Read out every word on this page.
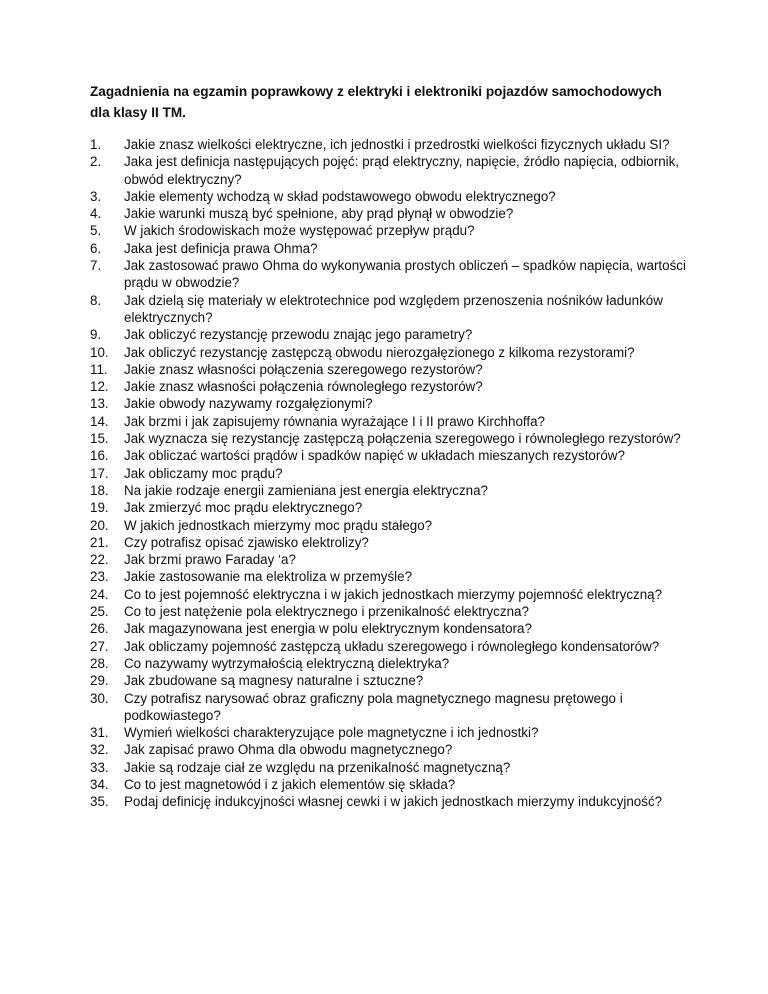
Zagadnienia na egzamin poprawkowy z elektryki i elektroniki pojazdów samochodowych
dla klasy II TM.
1.	Jakie znasz wielkości elektryczne, ich jednostki i przedrostki wielkości fizycznych układu SI?
2.	Jaka jest definicja następujących pojęć: prąd elektryczny, napięcie, źródło napięcia, odbiornik, obwód elektryczny?
3.	Jakie elementy wchodzą w skład podstawowego obwodu elektrycznego?
4.	Jakie warunki muszą być spełnione, aby prąd płynął w obwodzie?
5.	W jakich środowiskach może występować przepływ prądu?
6.	Jaka jest definicja prawa Ohma?
7.	Jak zastosować prawo Ohma do wykonywania prostych obliczeń – spadków napięcia, wartości prądu w obwodzie?
8.	Jak dzielą się materiały w elektrotechnice pod względem przenoszenia nośników ładunków elektrycznych?
9.	Jak obliczyć rezystancję przewodu znając jego parametry?
10.	Jak obliczyć rezystancję zastępczą obwodu nierozgałęzionego z kilkoma rezystorami?
11.	Jakie znasz własności połączenia szeregowego rezystorów?
12.	Jakie znasz własności połączenia równoległego rezystorów?
13.	Jakie obwody nazywamy rozgałęzionymi?
14.	Jak brzmi i jak zapisujemy równania wyrażające I i II prawo Kirchhoffa?
15.	Jak wyznacza się rezystancję zastępczą połączenia szeregowego i równoległego rezystorów?
16.	Jak obliczać wartości prądów i spadków napięć w układach mieszanych rezystorów?
17.	Jak obliczamy moc prądu?
18.	Na jakie rodzaje energii zamieniana jest energia elektryczna?
19.	Jak zmierzyć moc prądu elektrycznego?
20.	W jakich jednostkach mierzymy moc prądu stałego?
21.	Czy potrafisz opisać zjawisko elektrolizy?
22.	Jak brzmi prawo Faraday ‘a?
23.	Jakie zastosowanie ma elektroliza w przemyśle?
24.	Co to jest pojemność elektryczna i w jakich jednostkach mierzymy pojemność elektryczną?
25.	Co to jest natężenie pola elektrycznego i przenikalność elektryczna?
26.	Jak magazynowana jest energia w polu elektrycznym kondensatora?
27.	Jak obliczamy pojemność zastępczą układu szeregowego i równoległego kondensatorów?
28.	Co nazywamy wytrzymałością elektryczną dielektryka?
29.	Jak zbudowane są magnesy naturalne i sztuczne?
30.	Czy potrafisz narysować obraz graficzny pola magnetycznego magnesu prętowego i podkowiastego?
31.	Wymień wielkości charakteryzujące pole magnetyczne i ich jednostki?
32.	Jak zapisać prawo Ohma dla obwodu magnetycznego?
33.	Jakie są rodzaje ciał ze względu na przenikalność magnetyczną?
34.	Co to jest magnetowód i z jakich elementów się składa?
35.	Podaj definicję indukcyjności własnej cewki i w jakich jednostkach mierzymy indukcyjność?
